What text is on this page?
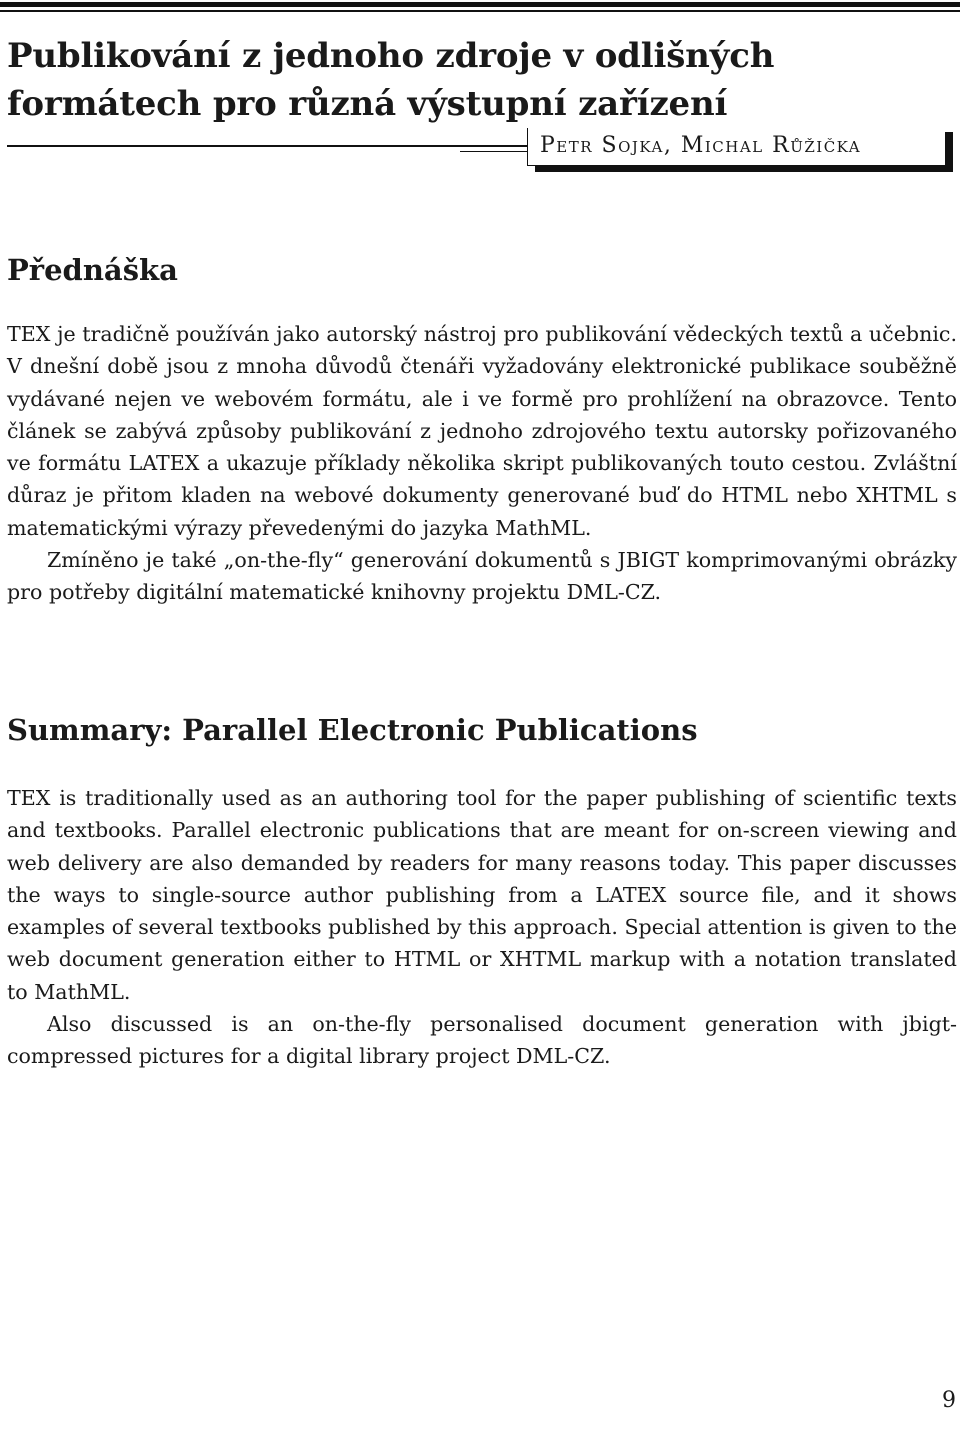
Publikování z jednoho zdroje v odlišných formátech pro různá výstupní zařízení
Petr Sojka, Michal Růžička
Přednáška

TEX je tradičně používán jako autorský nástroj pro publikování vědeckých textů a učebnic. V dnešní době jsou z mnoha důvodů čtenáři vyžadovány elektronické publikace souběžně vydávané nejen ve webovém formátu, ale i ve formě pro prohlížení na obrazovce. Tento článek se zabývá způsoby publikování z jednoho zdrojového textu autorsky pořizovaného ve formátu LATEX a ukazuje příklady několika skript publikovaných touto cestou. Zvláštní důraz je přitom kladen na webové dokumenty generované buď do HTML nebo XHTML s matematickými výrazy převedenými do jazyka MathML.

Zmíněno je také „on-the-fly“ generování dokumentů s JBIGT komprimovanými obrázky pro potřeby digitální matematické knihovny projektu DML-CZ.

Summary: Parallel Electronic Publications

TEX is traditionally used as an authoring tool for the paper publishing of scientific texts and textbooks. Parallel electronic publications that are meant for on-screen viewing and web delivery are also demanded by readers for many reasons today. This paper discusses the ways to single-source author publishing from a LATEX source file, and it shows examples of several textbooks published by this approach. Special attention is given to the web document generation either to HTML or XHTML markup with a notation translated to MathML.

Also discussed is an on-the-fly personalised document generation with jbigt-compressed pictures for a digital library project DML-CZ.

9
